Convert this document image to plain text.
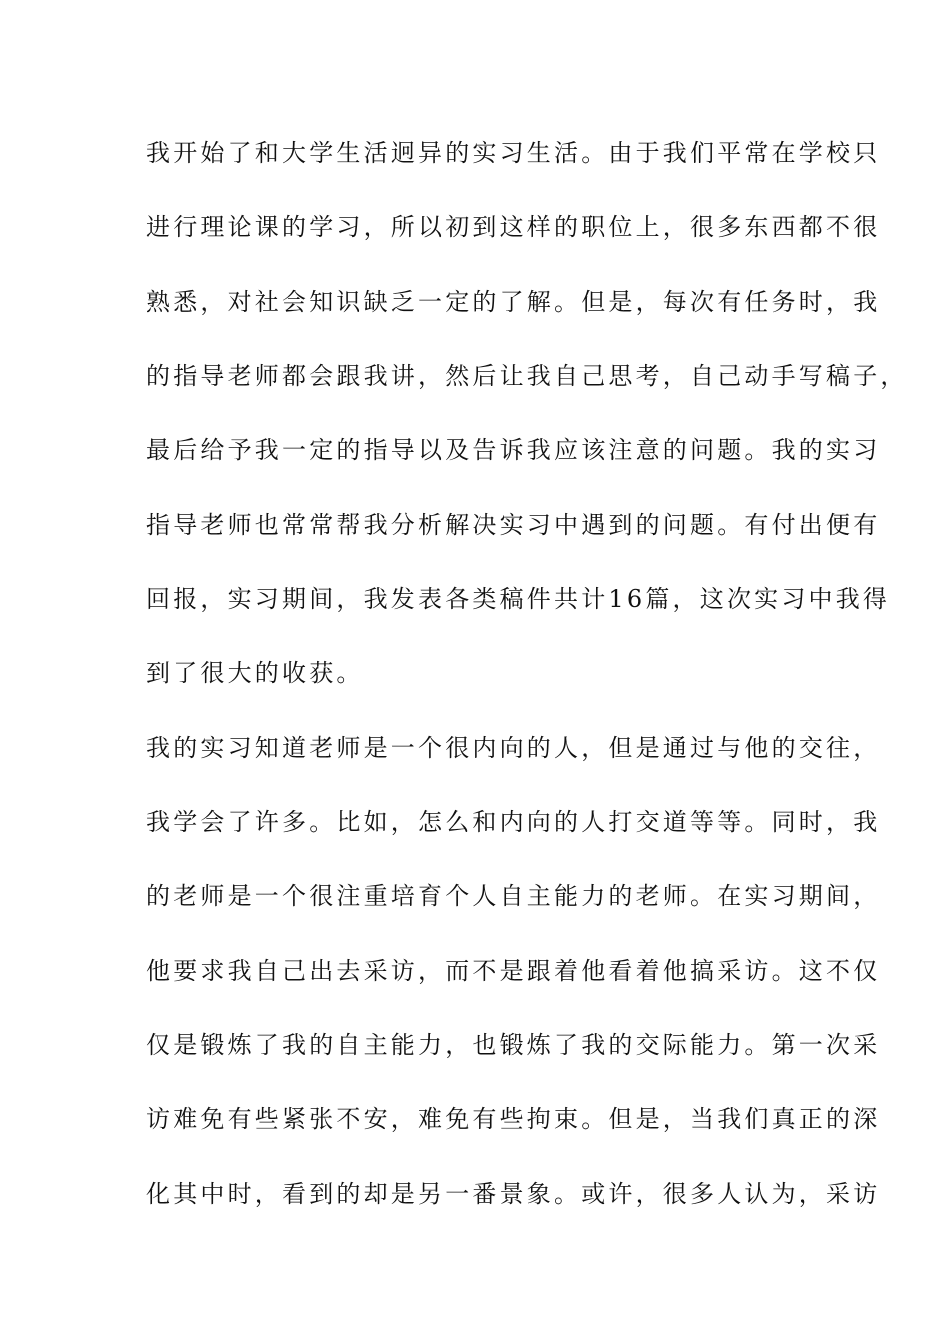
我开始了和大学生活迥异的实习生活。由于我们平常在学校只
进行理论课的学习，所以初到这样的职位上，很多东西都不很
熟悉，对社会知识缺乏一定的了解。但是，每次有任务时，我
的指导老师都会跟我讲，然后让我自己思考，自己动手写稿子，
最后给予我一定的指导以及告诉我应该注意的问题。我的实习
指导老师也常常帮我分析解决实习中遇到的问题。有付出便有
回报，实习期间，我发表各类稿件共计16篇，这次实习中我得
到了很大的收获。
我的实习知道老师是一个很内向的人，但是通过与他的交往，
我学会了许多。比如，怎么和内向的人打交道等等。同时，我
的老师是一个很注重培育个人自主能力的老师。在实习期间，
他要求我自己出去采访，而不是跟着他看着他搞采访。这不仅
仅是锻炼了我的自主能力，也锻炼了我的交际能力。第一次采
访难免有些紧张不安，难免有些拘束。但是，当我们真正的深
化其中时，看到的却是另一番景象。或许，很多人认为，采访
